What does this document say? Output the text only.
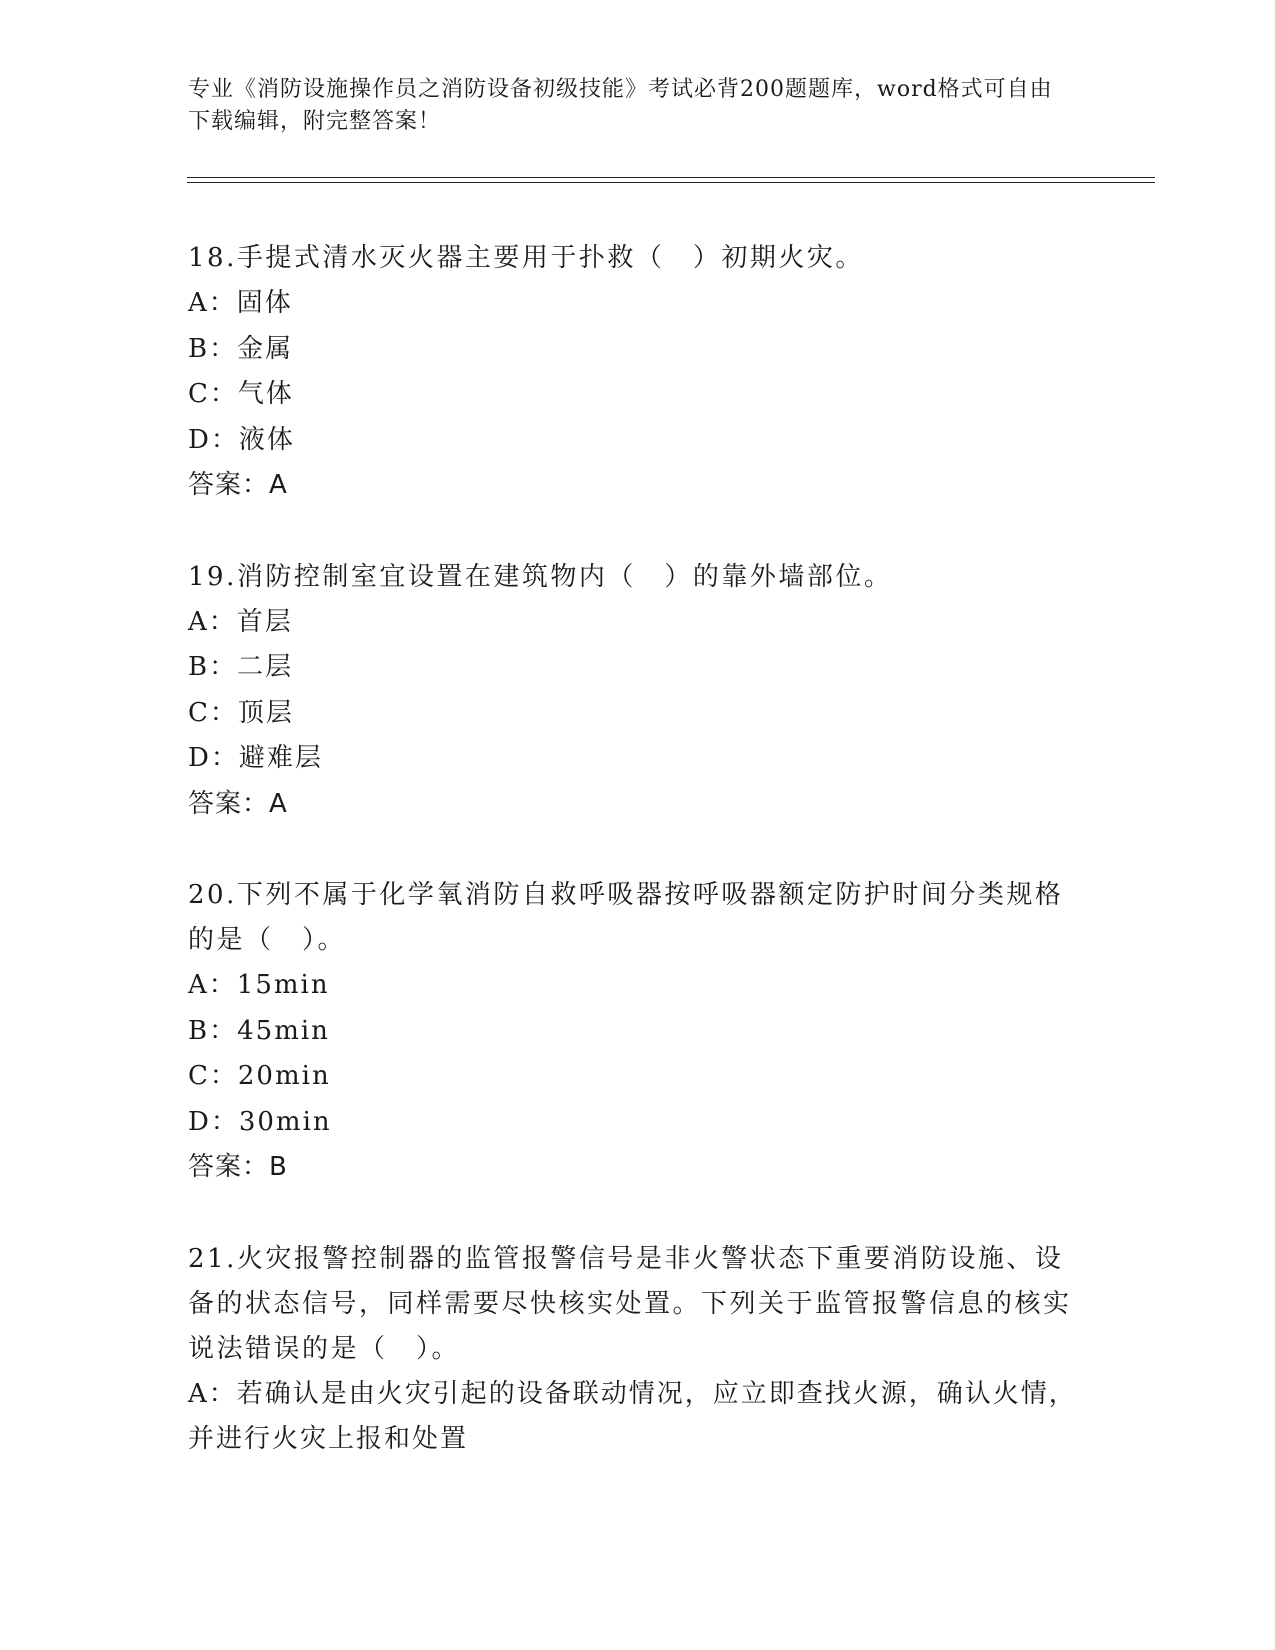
专业《消防设施操作员之消防设备初级技能》考试必背200题题库，word格式可自由下载编辑，附完整答案！

18.手提式清水灭火器主要用于扑救（　）初期火灾。

A：固体

B：金属

C：气体

D：液体

答案：A

19.消防控制室宜设置在建筑物内（　）的靠外墙部位。

A：首层

B：二层

C：顶层

D：避难层

答案：A

20.下列不属于化学氧消防自救呼吸器按呼吸器额定防护时间分类规格的是（　）。

A：15min

B：45min

C：20min

D：30min

答案：B

21.火灾报警控制器的监管报警信号是非火警状态下重要消防设施、设备的状态信号，同样需要尽快核实处置。下列关于监管报警信息的核实说法错误的是（　）。

A：若确认是由火灾引起的设备联动情况，应立即查找火源，确认火情，并进行火灾上报和处置
